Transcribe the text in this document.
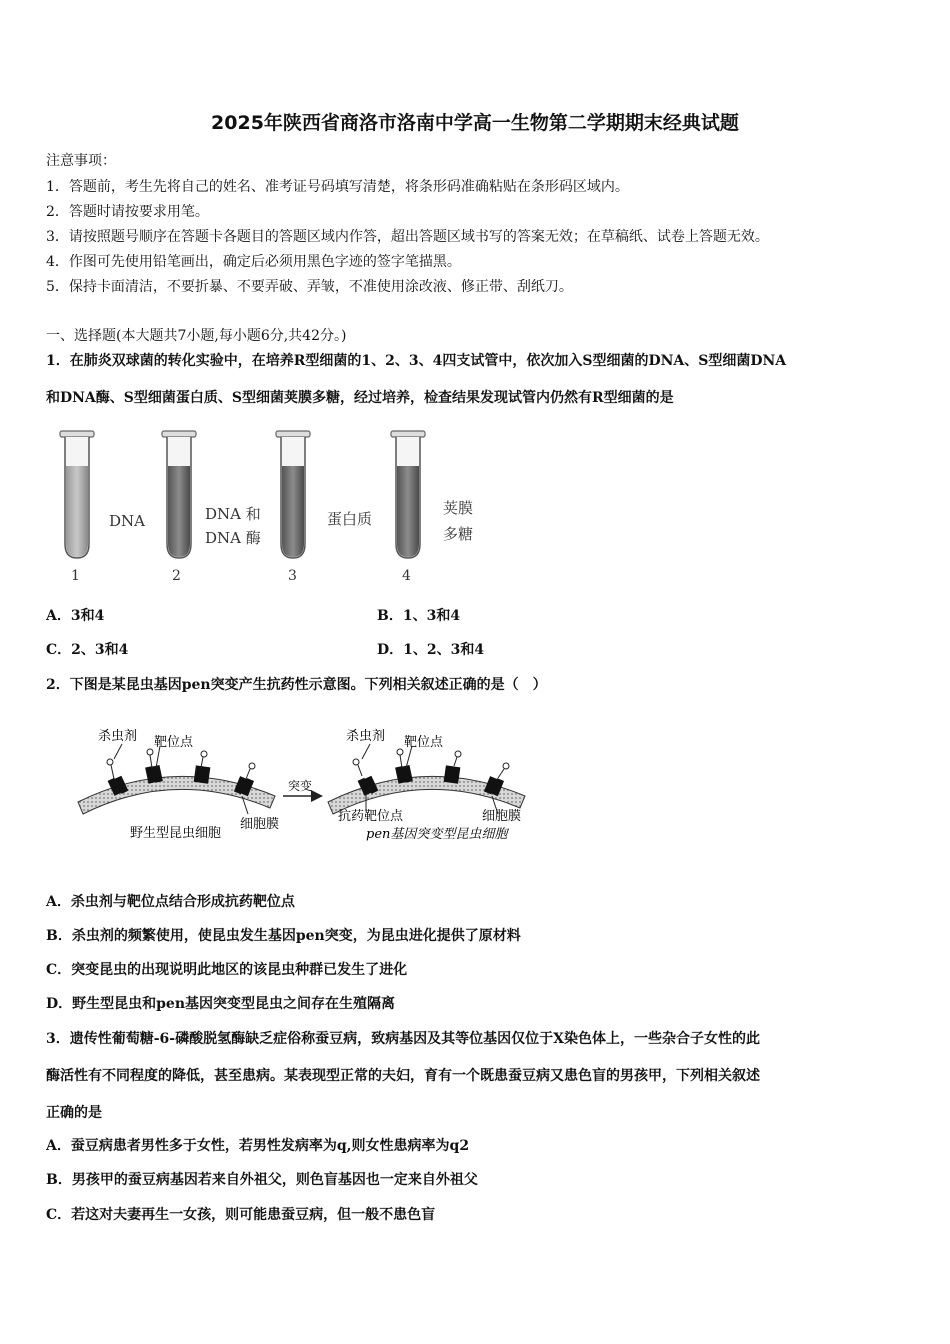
2025年陕西省商洛市洛南中学高一生物第二学期期末经典试题
注意事项：
1．答题前，考生先将自己的姓名、准考证号码填写清楚，将条形码准确粘贴在条形码区域内。
2．答题时请按要求用笔。
3．请按照题号顺序在答题卡各题目的答题区域内作答，超出答题区域书写的答案无效；在草稿纸、试卷上答题无效。
4．作图可先使用铅笔画出，确定后必须用黑色字迹的签字笔描黑。
5．保持卡面清洁，不要折暴、不要弄破、弄皱，不准使用涂改液、修正带、刮纸刀。
一、选择题(本大题共7小题,每小题6分,共42分。)
1．在肺炎双球菌的转化实验中，在培养R型细菌的1、2、3、4四支试管中，依次加入S型细菌的DNA、S型细菌DNA
和DNA酶、S型细菌蛋白质、S型细菌荚膜多糖，经过培养，检查结果发现试管内仍然有R型细菌的是
DNA	DNA 和
DNA 酶
蛋白质
荚膜
多糖
1	2	3	4
A．3和4	B．1、3和4
C．2、3和4	D．1、2、3和4
2．下图是某昆虫基因pen突变产生抗药性示意图。下列相关叙述正确的是（　）
杀虫剂 靶位点
细胞膜
野生型昆虫细胞
突变
杀虫剂 靶位点
抗药靶位点	细胞膜
pen基因突变型昆虫细胞
A．杀虫剂与靶位点结合形成抗药靶位点
B．杀虫剂的频繁使用，使昆虫发生基因pen突变，为昆虫进化提供了原材料
C．突变昆虫的出现说明此地区的该昆虫种群已发生了进化
D．野生型昆虫和pen基因突变型昆虫之间存在生殖隔离
3．遗传性葡萄糖-6-磷酸脱氢酶缺乏症俗称蚕豆病，致病基因及其等位基因仅位于X染色体上，一些杂合子女性的此
酶活性有不同程度的降低，甚至患病。某表现型正常的夫妇，育有一个既患蚕豆病又患色盲的男孩甲，下列相关叙述
正确的是
A．蚕豆病患者男性多于女性，若男性发病率为q,则女性患病率为q2
B．男孩甲的蚕豆病基因若来自外祖父，则色盲基因也一定来自外祖父
C．若这对夫妻再生一女孩，则可能患蚕豆病，但一般不患色盲
